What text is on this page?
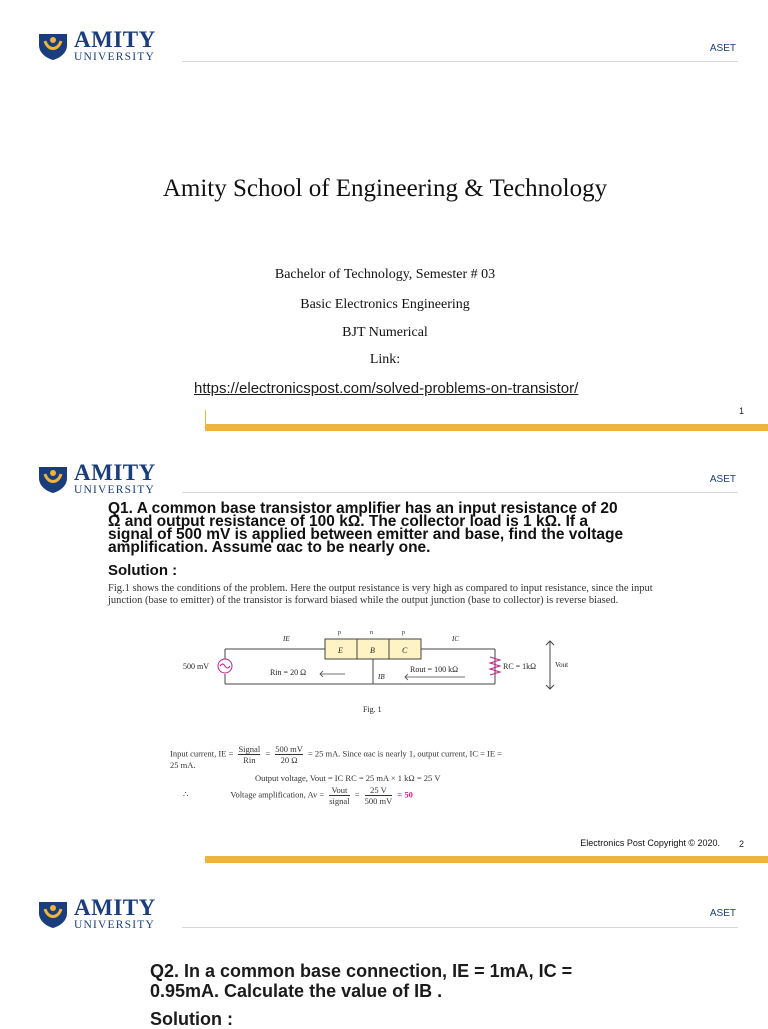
AMITY
UNIVERSITY
ASET
Amity School of Engineering & Technology
Bachelor of Technology, Semester # 03
Basic Electronics Engineering
BJT Numerical
Link:
https://electronicspost.com/solved-problems-on-transistor/
1
AMITY
UNIVERSITY
ASET
Q1. A common base transistor amplifier has an input resistance of 20 Ω and output resistance of 100 kΩ. The collector load is 1 kΩ. If a signal of 500 mV is applied between emitter and base, find the voltage amplification. Assume αac to be nearly one.
Solution :
Fig.1 shows the conditions of the problem. Here the output resistance is very high as compared to input resistance, since the input junction (base to emitter) of the transistor is forward biased while the output junction (base to collector) is reverse biased.
500 mV
Rin = 20 Ω	Rout = 100 kΩ	RC = 1kΩ	Vout
IE	IC
IB
E	B	C
p	n	p
Fig. 1
Input current, IE = Signal
Rin
= $\frac{500 mV}{20 \Omega} = 25$ mA. Since αac is nearly 1, output current, IC = IE =
25 mA.
Output voltage, Vout = IC RC = 25 mA × 1 kΩ = 25 V
∴	Voltage amplification, Av = Vout
signal
= $\frac{25 V}{500 mV} = 50$
Electronics Post Copyright © 2020. 2
AMITY
UNIVERSITY
ASET
Q2. In a common base connection, IE = 1mA, IC = 0.95mA. Calculate the value of IB .
Solution :
